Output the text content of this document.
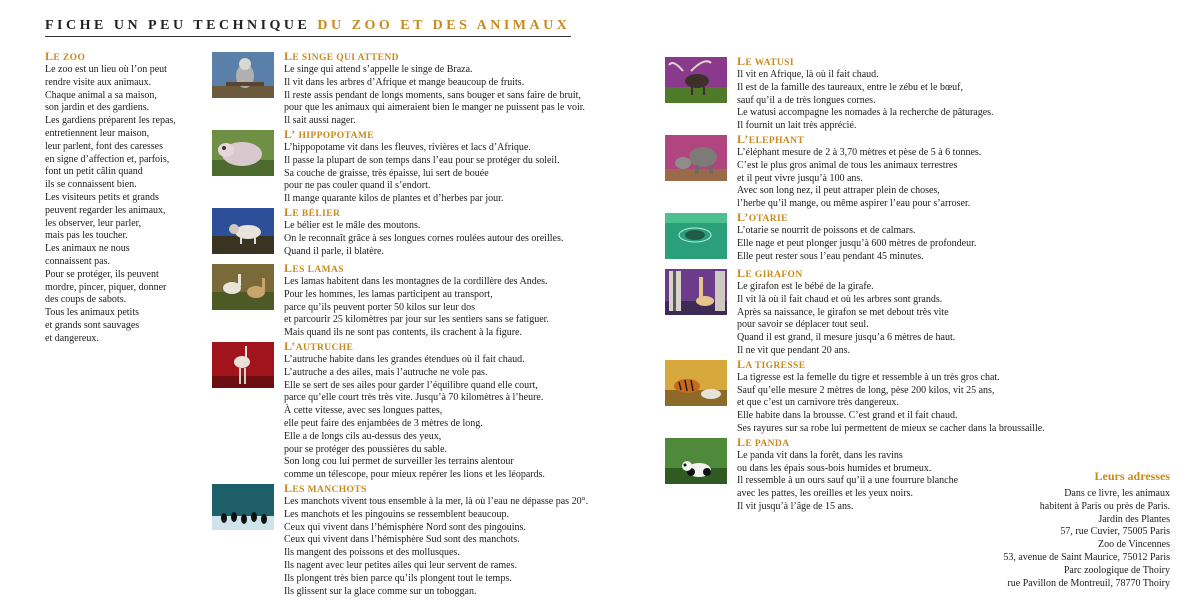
FICHE UN PEU TECHNIQUE DU ZOO ET DES ANIMAUX
LE ZOO
Le zoo est un lieu où l’on peut
rendre visite aux animaux.
Chaque animal a sa maison,
son jardin et des gardiens.
Les gardiens préparent les repas,
entretiennent leur maison,
leur parlent, font des caresses
en signe d’affection et, parfois,
font un petit câlin quand
ils se connaissent bien.
Les visiteurs petits et grands
peuvent regarder les animaux,
les observer, leur parler,
mais pas les toucher.
Les animaux ne nous
connaissent pas.
Pour se protéger, ils peuvent
mordre, pincer, piquer, donner
des coups de sabots.
Tous les animaux petits
et grands sont sauvages
et dangereux.
LE SINGE QUI ATTEND
Le singe qui attend s’appelle le singe de Braza.
Il vit dans les arbres d’Afrique et mange beaucoup de fruits.
Il reste assis pendant de longs moments, sans bouger et sans faire de bruit,
pour que les animaux qui aimeraient bien le manger ne puissent pas le voir.
Il sait aussi nager.
L’ HIPPOPOTAME
L’hippopotame vit dans les fleuves, rivières et lacs d’Afrique.
Il passe la plupart de son temps dans l’eau pour se protéger du soleil.
Sa couche de graisse, très épaisse, lui sert de bouée
pour ne pas couler quand il s’endort.
Il mange quarante kilos de plantes et d’herbes par jour.
LE BÉLIER
Le bélier est le mâle des moutons.
On le reconnaît grâce à ses longues cornes roulées autour des oreilles.
Quand il parle, il blatère.
LES LAMAS
Les lamas habitent dans les montagnes de la cordillère des Andes.
Pour les hommes, les lamas participent au transport,
parce qu’ils peuvent porter 50 kilos sur leur dos
et parcourir 25 kilomètres par jour sur les sentiers sans se fatiguer.
Mais quand ils ne sont pas contents, ils crachent à la figure.
L’AUTRUCHE
L’autruche habite dans les grandes étendues où il fait chaud.
L’autruche a des ailes, mais l’autruche ne vole pas.
Elle se sert de ses ailes pour garder l’équilibre quand elle court,
parce qu’elle court très très vite. Jusqu’à 70 kilomètres à l’heure.
À cette vitesse, avec ses longues pattes,
elle peut faire des enjambées de 3 mètres de long.
Elle a de longs cils au-dessus des yeux,
pour se protéger des poussières du sable.
Son long cou lui permet de surveiller les terrains alentour
comme un télescope, pour mieux repérer les lions et les léopards.
LES MANCHOTS
Les manchots vivent tous ensemble à la mer, là où l’eau ne dépasse pas 20°.
Les manchots et les pingouins se ressemblent beaucoup.
Ceux qui vivent dans l’hémisphère Nord sont des pingouins.
Ceux qui vivent dans l’hémisphère Sud sont des manchots.
Ils mangent des poissons et des mollusques.
Ils nagent avec leur petites ailes qui leur servent de rames.
Ils plongent très bien parce qu’ils plongent tout le temps.
Ils glissent sur la glace comme sur un toboggan.
LE WATUSI
Il vit en Afrique, là où il fait chaud.
Il est de la famille des taureaux, entre le zébu et le bœuf,
sauf qu’il a de très longues cornes.
Le watusi accompagne les nomades à la recherche de pâturages.
Il fournit un lait très apprécié.
L’ELEPHANT
L’éléphant mesure de 2 à 3,70 mètres et pèse de 5 à 6 tonnes.
C’est le plus gros animal de tous les animaux terrestres
et il peut vivre jusqu’à 100 ans.
Avec son long nez, il peut attraper plein de choses,
l’herbe qu’il mange, ou même aspirer l’eau pour s’arroser.
L’OTARIE
L’otarie se nourrit de poissons et de calmars.
Elle nage et peut plonger jusqu’à 600 mètres de profondeur.
Elle peut rester sous l’eau pendant 45 minutes.
LE GIRAFON
Le girafon est le bébé de la girafe.
Il vit là où il fait chaud et où les arbres sont grands.
Après sa naissance, le girafon se met debout très vite
pour savoir se déplacer tout seul.
Quand il est grand, il mesure jusqu’a 6 mètres de haut.
Il ne vit que pendant 20 ans.
LA TIGRESSE
La tigresse est la femelle du tigre et ressemble à un très gros chat.
Sauf qu’elle mesure 2 mètres de long, pèse 200 kilos, vit 25 ans,
et que c’est un carnivore très dangereux.
Elle habite dans la brousse. C’est grand et il fait chaud.
Ses rayures sur sa robe lui permettent de mieux se cacher dans la broussaille.
LE PANDA
Le panda vit dans la forêt, dans les ravins
ou dans les épais sous-bois humides et brumeux.
Il ressemble à un ours sauf qu’il a une fourrure blanche
avec les pattes, les oreilles et les yeux noirs.
Il vit jusqu’à l’âge de 15 ans.
Leurs adresses
Dans ce livre, les animaux
habitent à Paris ou près de Paris.
Jardin des Plantes
57, rue Cuvier, 75005 Paris
Zoo de Vincennes
53, avenue de Saint Maurice, 75012 Paris
Parc zoologique de Thoiry
rue Pavillon de Montreuil, 78770 Thoiry
